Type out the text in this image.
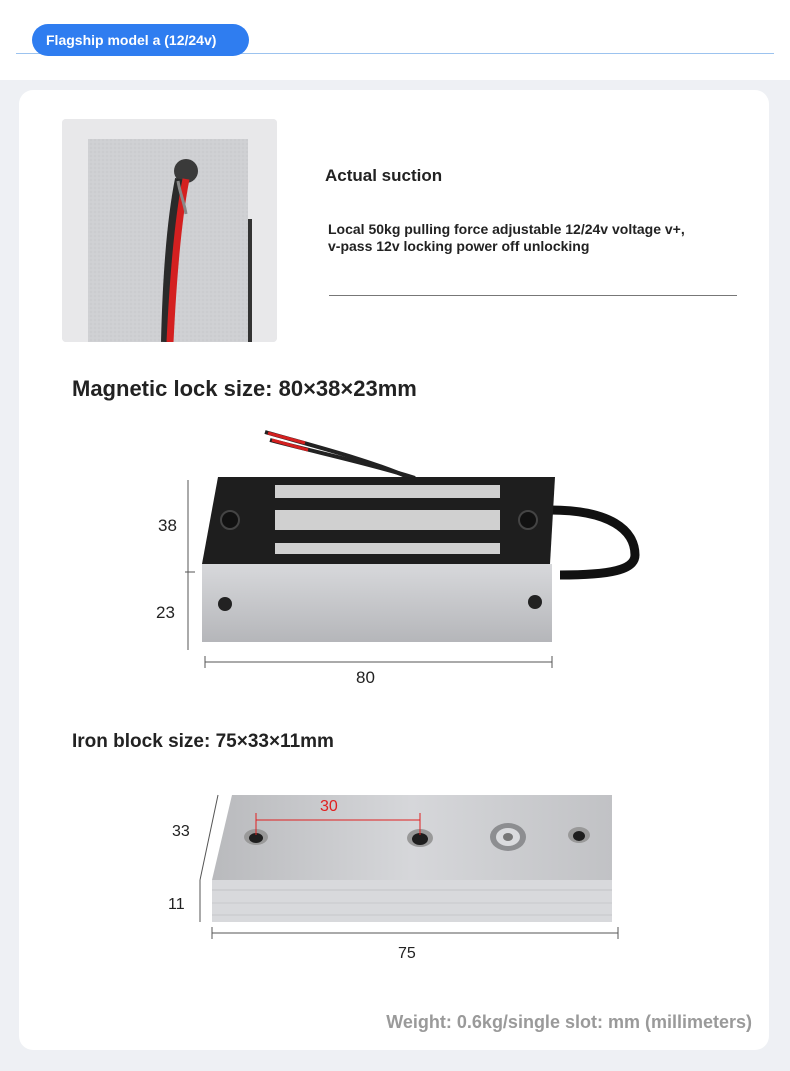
Flagship model a (12/24v)
Actual suction
Local 50kg pulling force adjustable 12/24v voltage v+, v-pass 12v locking power off unlocking
Magnetic lock size: 80×38×23mm
38
23
80
Iron block size: 75×33×11mm
30
33
11
75
Weight: 0.6kg/single slot: mm (millimeters)
